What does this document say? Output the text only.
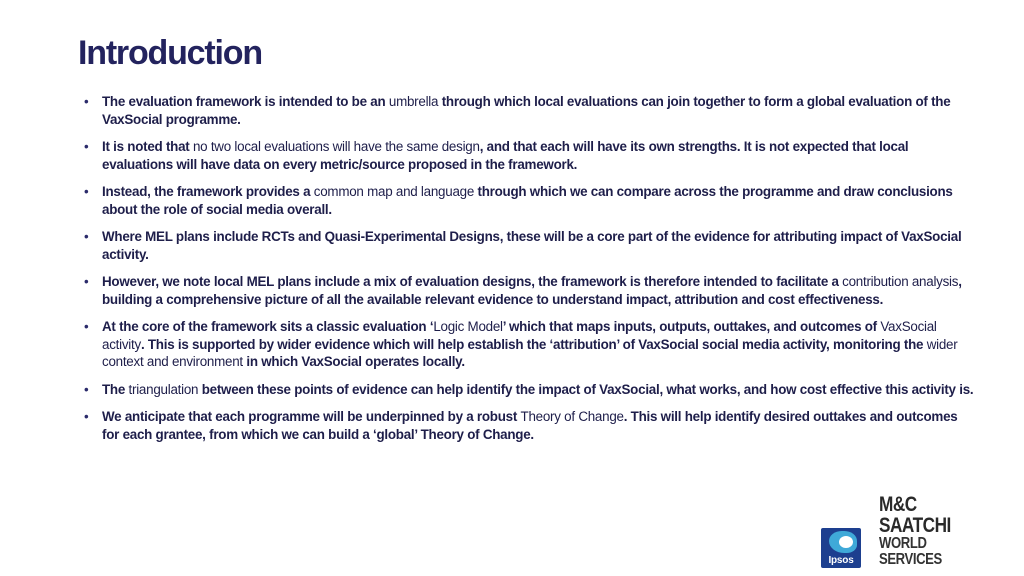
Introduction
• The evaluation framework is intended to be an umbrella through which local evaluations can join together to form a global evaluation of the VaxSocial programme.
• It is noted that no two local evaluations will have the same design, and that each will have its own strengths. It is not expected that local evaluations will have data on every metric/source proposed in the framework.
• Instead, the framework provides a common map and language through which we can compare across the programme and draw conclusions about the role of social media overall.
• Where MEL plans include RCTs and Quasi-Experimental Designs, these will be a core part of the evidence for attributing impact of VaxSocial activity.
• However, we note local MEL plans include a mix of evaluation designs, the framework is therefore intended to facilitate a contribution analysis, building a comprehensive picture of all the available relevant evidence to understand impact, attribution and cost effectiveness.
• At the core of the framework sits a classic evaluation ‘Logic Model’ which that maps inputs, outputs, outtakes, and outcomes of VaxSocial activity. This is supported by wider evidence which will help establish the ‘attribution’ of VaxSocial social media activity, monitoring the wider context and environment in which VaxSocial operates locally.
• The triangulation between these points of evidence can help identify the impact of VaxSocial, what works, and how cost effective this activity is.
• We anticipate that each programme will be underpinned by a robust Theory of Change. This will help identify desired outtakes and outcomes for each grantee, from which we can build a ‘global’ Theory of Change.
Ipsos
M&C SAATCHI
WORLD SERVICES
